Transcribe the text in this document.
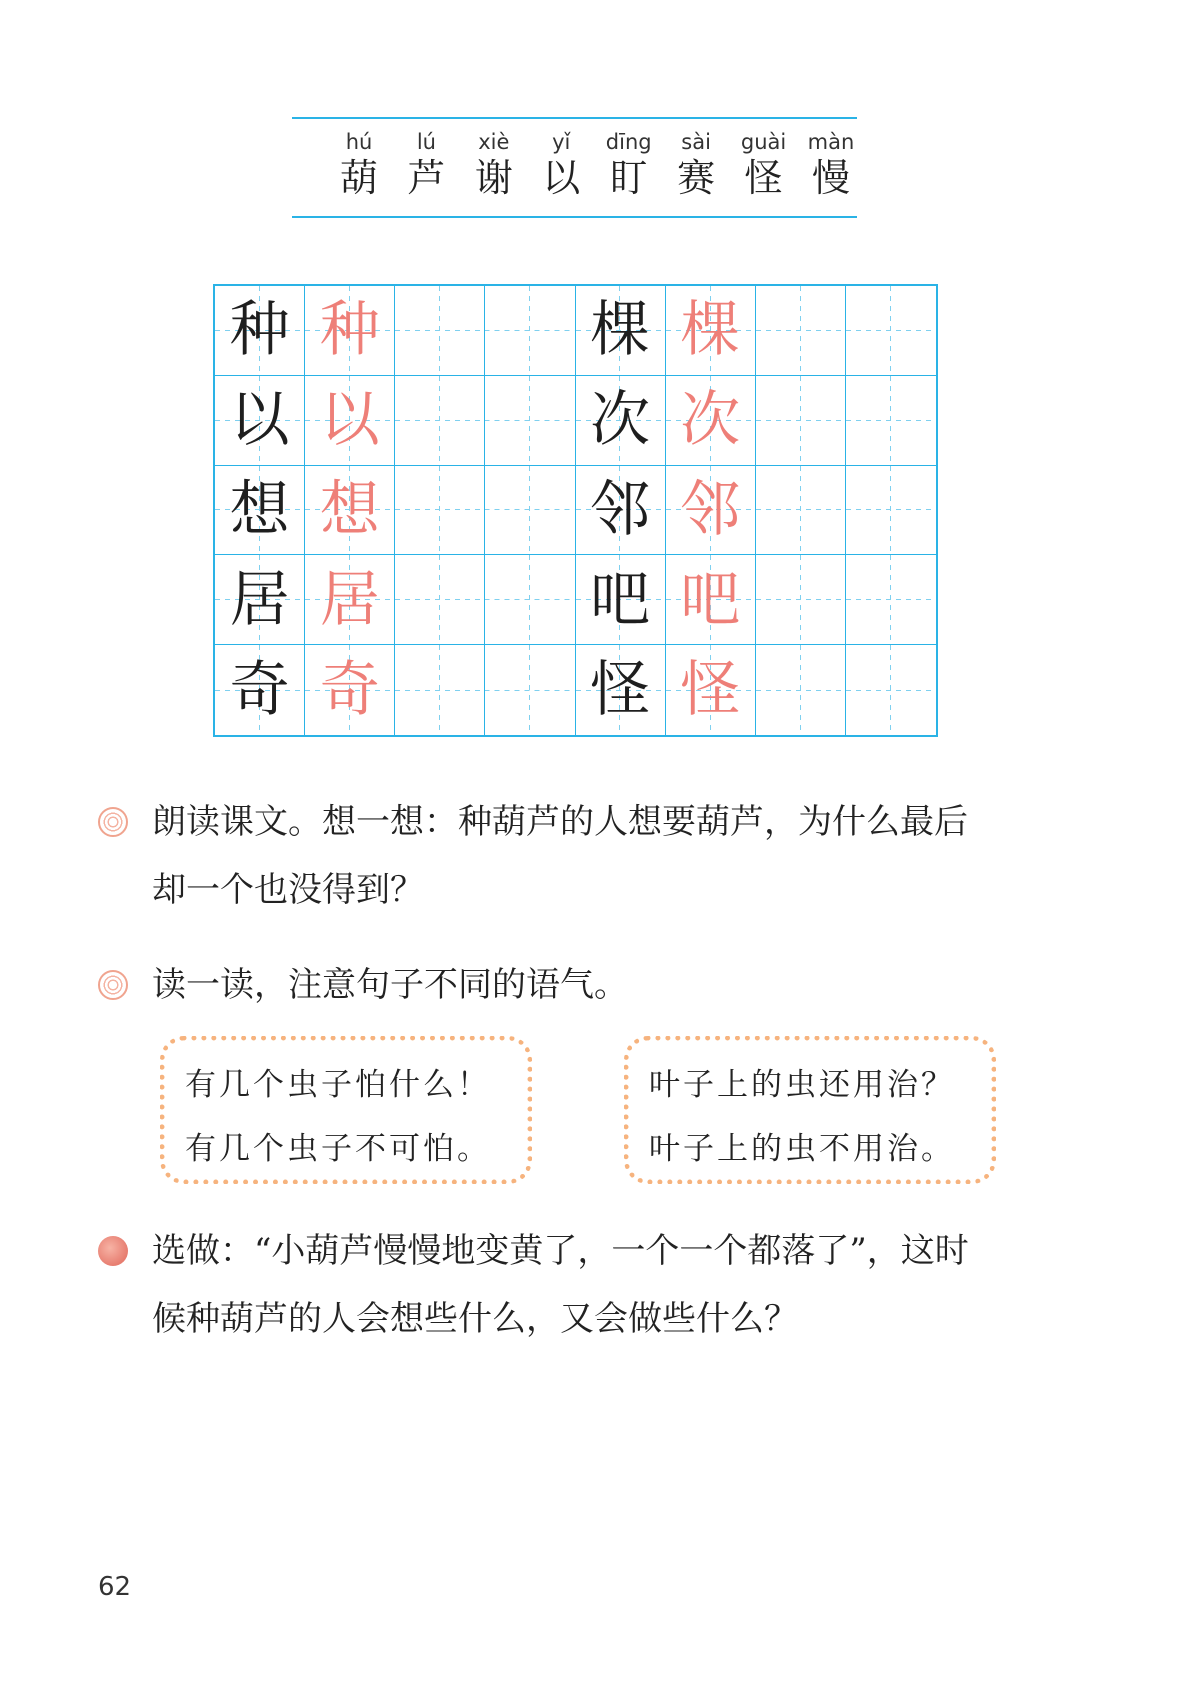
hú
葫
lú
芦
xiè
谢
yǐ
以
dīng
盯
sài
赛
guài
怪
màn
慢
种 种	棵 棵
以 以	次 次
想 想	邻 邻
居 居	吧 吧
奇 奇	怪 怪
朗读课文。想一想：种葫芦的人想要葫芦，为什么最后
却一个也没得到？
读一读，注意句子不同的语气。
有几个虫子怕什么！
有几个虫子不可怕。
叶子上的虫还用治？
叶子上的虫不用治。
选做：“小葫芦慢慢地变黄了，一个一个都落了”，这时
候种葫芦的人会想些什么，又会做些什么？
62
